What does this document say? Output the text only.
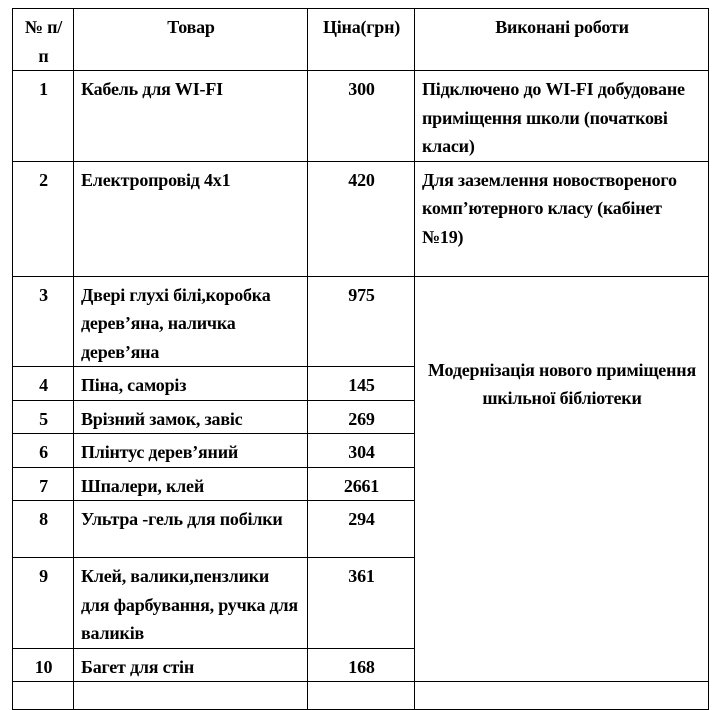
№ п/п	Товар	Ціна(грн)	Виконані роботи
1	Кабель для WI-FI	300	Підключено до WI-FI добудоване приміщення школи (початкові класи)
2	Електропровід 4х1	420	Для заземлення новоствореного комп’ютерного класу (кабінет №19)
3	Двері глухі білі,коробка дерев’яна, наличка дерев’яна	975	Модернізація нового приміщення шкільної бібліотеки

4	Піна, саморіз	145	
5	Врізний замок, завіс	269	
6	Плінтус дерев’яний	304	
7	Шпалери, клей	2661	
8	Ультра -гель для побілки	294	
9	Клей, валики,пензлики для фарбування, ручка для валиків	361	
10	Багет для стін	168	
